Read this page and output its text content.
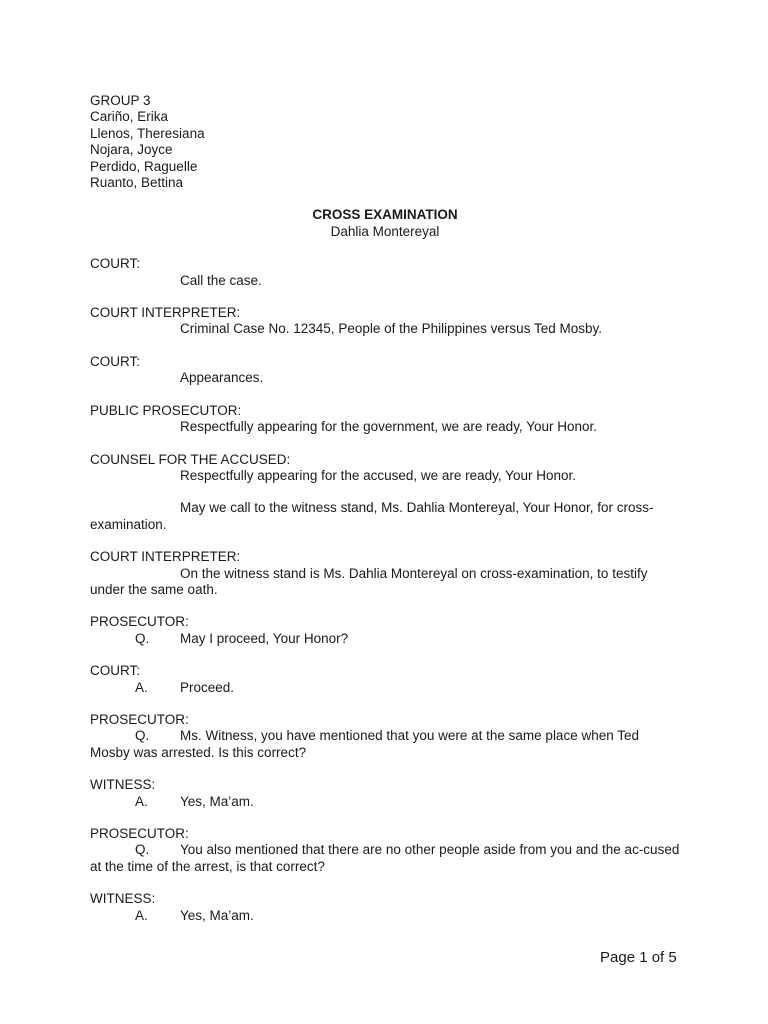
GROUP 3
Cariño, Erika
Llenos, Theresiana
Nojara, Joyce
Perdido, Raguelle
Ruanto, Bettina
CROSS EXAMINATION
Dahlia Montereyal
COURT:
Call the case.
COURT INTERPRETER:
Criminal Case No. 12345, People of the Philippines versus Ted Mosby.
COURT:
Appearances.
PUBLIC PROSECUTOR:
Respectfully appearing for the government, we are ready, Your Honor.
COUNSEL FOR THE ACCUSED:
Respectfully appearing for the accused, we are ready, Your Honor.
May we call to the witness stand, Ms. Dahlia Montereyal, Your Honor, for cross-examination.
COURT INTERPRETER:
On the witness stand is Ms. Dahlia Montereyal on cross-examination, to testify under the same oath.
PROSECUTOR:
Q. May I proceed, Your Honor?
COURT:
A. Proceed.
PROSECUTOR:
Q.	Ms. Witness, you have mentioned that you were at the same place when Ted Mosby was arrested. Is this correct?
WITNESS:
A. Yes, Ma’am.
PROSECUTOR:
Q.	You also mentioned that there are no other people aside from you and the ac-cused at the time of the arrest, is that correct?
WITNESS:
A. Yes, Ma’am.
Page 1 of 5
